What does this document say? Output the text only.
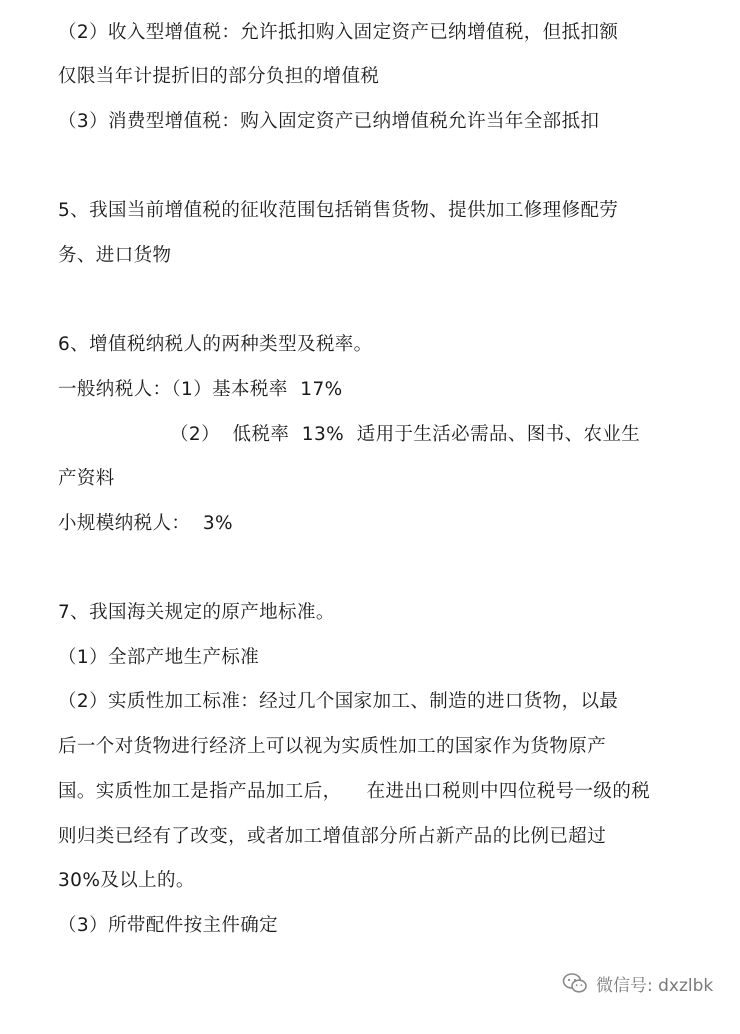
（2）收入型增值税：允许抵扣购入固定资产已纳增值税，但抵扣额
仅限当年计提折旧的部分负担的增值税
（3）消费型增值税：购入固定资产已纳增值税允许当年全部抵扣
5、我国当前增值税的征收范围包括销售货物、提供加工修理修配劳
务、进口货物
6、增值税纳税人的两种类型及税率。
一般纳税人：（1）基本税率  17%
（2）  低税率  13%  适用于生活必需品、图书、农业生
产资料
小规模纳税人：  3%
7、我国海关规定的原产地标准。
（1）全部产地生产标准
（2）实质性加工标准：经过几个国家加工、制造的进口货物，以最
后一个对货物进行经济上可以视为实质性加工的国家作为货物原产
国。实质性加工是指产品加工后，    在进出口税则中四位税号一级的税
则归类已经有了改变，或者加工增值部分所占新产品的比例已超过
30%及以上的。
（3）所带配件按主件确定

微信号: dxzlbk
